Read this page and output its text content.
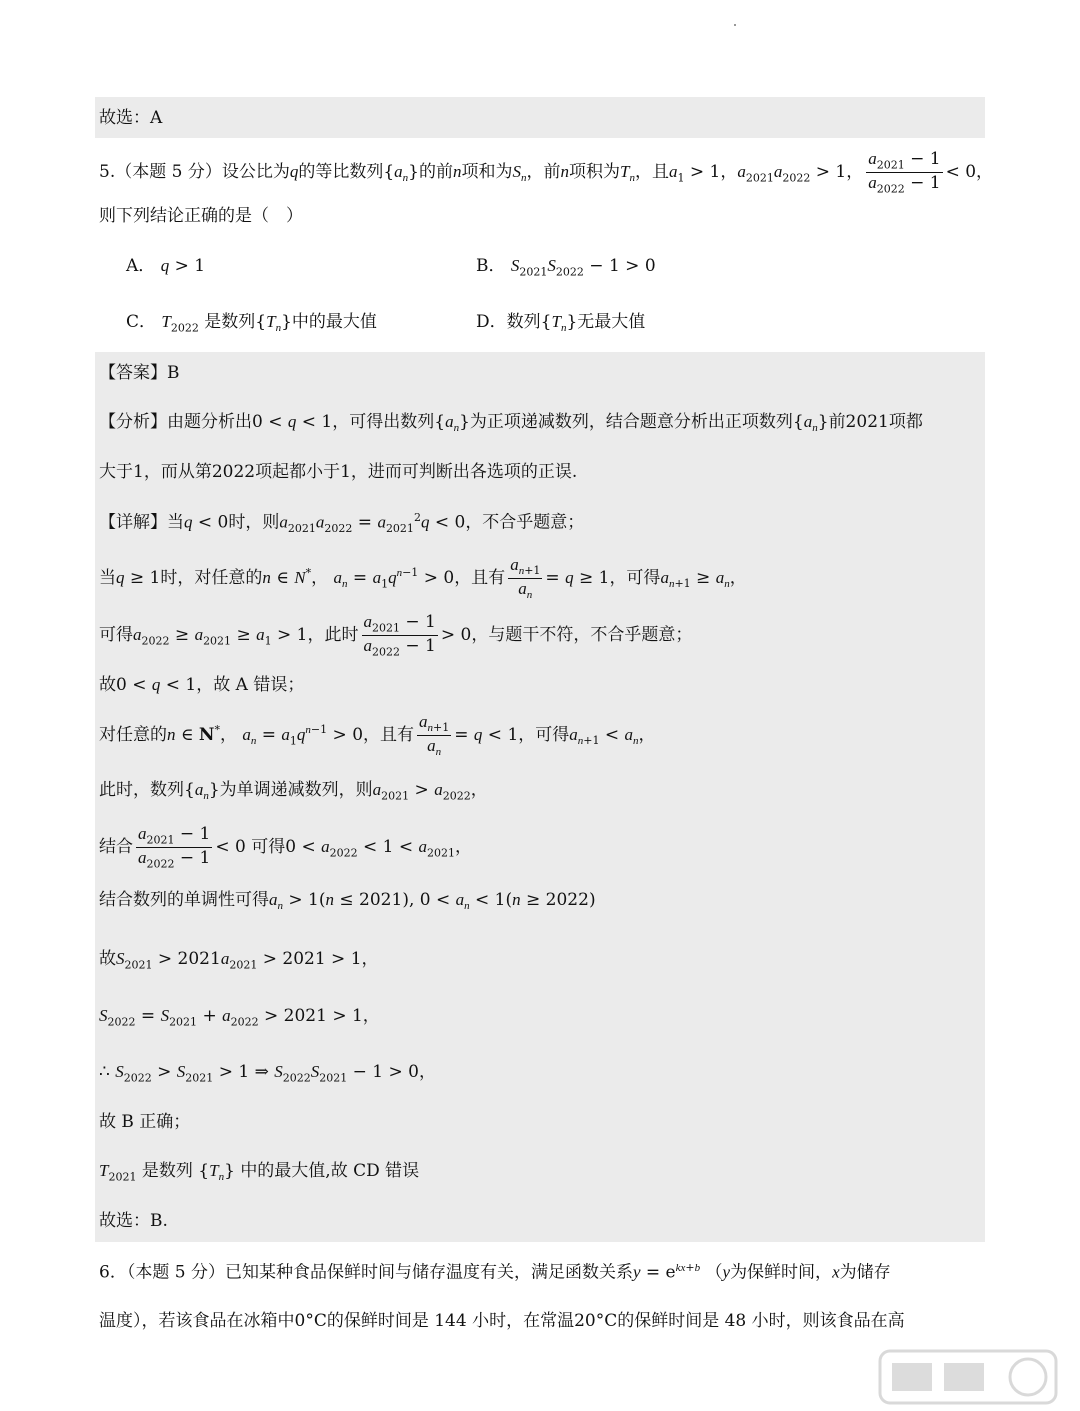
故选：A
5.（本题 5 分）设公比为q的等比数列$\{a_n\}$的前n项和为$S_n$，前n项积为$T_n$，且$a_1 > 1$，$a_{2021}a_{2022} > 1$， $\frac{a_{2021} - 1}{a_{2022} - 1} < 0$，
则下列结论正确的是（　）
A． q > 1	B． $S_{2021}S_{2022} - 1 > 0$
C． $T_{2022}$ 是数列$\{T_n\}$中的最大值	D．数列$\{T_n\}$无最大值
【答案】B
【分析】由题分析出0 < q < 1，可得出数列$\{a_n\}$为正项递减数列，结合题意分析出正项数列$\{a_n\}$前2021项都
大于1，而从第2022项起都小于1，进而可判断出各选项的正误.
【详解】当q < 0时，则$a_{2021}a_{2022} = a_{2021}^2q < 0$，不合乎题意；
当q ≥ 1时，对任意的n ∈ N*， $a_n = a_1q^{n-1} > 0$，且有 $\frac{a_{n+1}}{a_n} = q \ge 1$，可得$a_{n+1} \ge a_n$，
可得$a_{2022} \ge a_{2021} \ge a_1 > 1$，此时 $\frac{a_{2021} - 1}{a_{2022} - 1} > 0$，与题干不符，不合乎题意；
故0 < q < 1，故 A 错误；
对任意的n ∈ N*， $a_n = a_1q^{n-1} > 0$，且有 $\frac{a_{n+1}}{a_n} = q < 1$，可得$a_{n+1} < a_n$，
此时，数列$\{a_n\}$为单调递减数列，则$a_{2021} > a_{2022}$，
结合 $\frac{a_{2021} - 1}{a_{2022} - 1} < 0$ 可得$0 < a_{2022} < 1 < a_{2021}$，
结合数列的单调性可得$a_n > 1(n \le 2021)$, $0 < a_n < 1(n \ge 2022)$
故$S_{2021} > 2021a_{2021} > 2021 > 1$，
$S_{2022} = S_{2021} + a_{2022} > 2021 > 1$，
∴ $S_{2022} > S_{2021} > 1$ ⇒ $S_{2022}S_{2021} - 1 > 0$，
故 B 正确；
$T_{2021}$ 是数列 $\{T_n\}$ 中的最大值,故 CD 错误
故选：B.
6．（本题 5 分）已知某种食品保鲜时间与储存温度有关，满足函数关系$y = e^{kx+b}$ （y为保鲜时间，x为储存
温度），若该食品在冰箱中0°C的保鲜时间是 144 小时，在常温20°C的保鲜时间是 48 小时，则该食品在高
